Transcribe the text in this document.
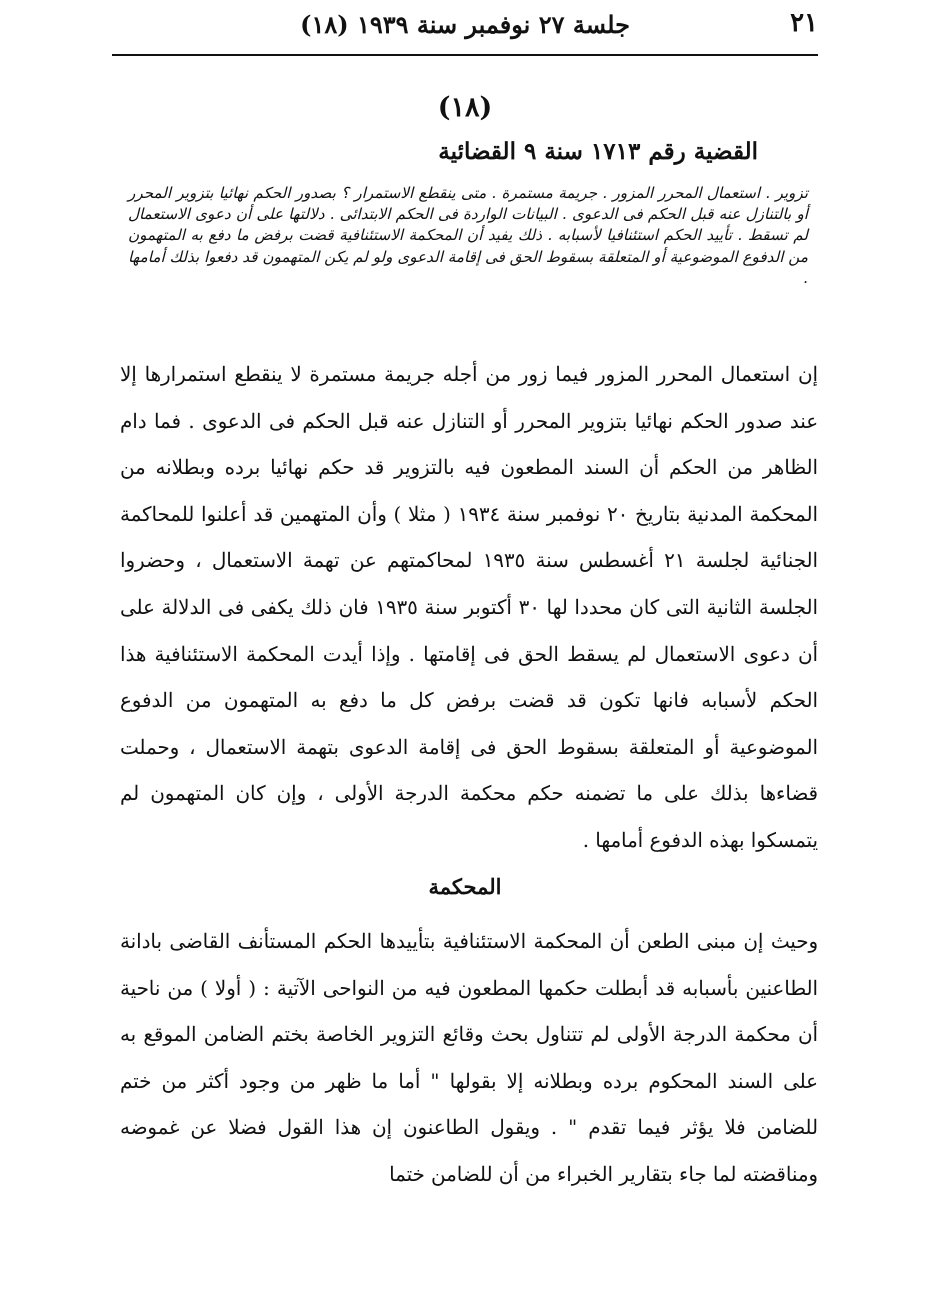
٢١
جلسة ٢٧ نوفمبر سنة ١٩٣٩ (١٨)
(١٨)
القضية رقم ١٧١٣ سنة ٩ القضائية

تزوير . استعمال المحرر المزور . جريمة مستمرة . متى ينقطع الاستمرار ؟ بصدور الحكم نهائيا بتزوير المحرر أو بالتنازل عنه قبل الحكم فى الدعوى . البيانات الواردة فى الحكم الابتدائى . دلالتها على أن دعوى الاستعمال لم تسقط . تأييد الحكم استئنافيا لأسبابه . ذلك يفيد أن المحكمة الاستئنافية قضت برفض ما دفع به المتهمون من الدفوع الموضوعية أو المتعلقة بسقوط الحق فى إقامة الدعوى ولو لم يكن المتهمون قد دفعوا بذلك أمامها .

إن استعمال المحرر المزور فيما زور من أجله جريمة مستمرة لا ينقطع استمرارها إلا عند صدور الحكم نهائيا بتزوير المحرر أو التنازل عنه قبل الحكم فى الدعوى . فما دام الظاهر من الحكم أن السند المطعون فيه بالتزوير قد حكم نهائيا برده وبطلانه من المحكمة المدنية بتاريخ ٢٠ نوفمبر سنة ١٩٣٤ ( مثلا ) وأن المتهمين قد أعلنوا للمحاكمة الجنائية لجلسة ٢١ أغسطس سنة ١٩٣٥ لمحاكمتهم عن تهمة الاستعمال ، وحضروا الجلسة الثانية التى كان محددا لها ٣٠ أكتوبر سنة ١٩٣٥ فان ذلك يكفى فى الدلالة على أن دعوى الاستعمال لم يسقط الحق فى إقامتها . وإذا أيدت المحكمة الاستئنافية هذا الحكم لأسبابه فانها تكون قد قضت برفض كل ما دفع به المتهمون من الدفوع الموضوعية أو المتعلقة بسقوط الحق فى إقامة الدعوى بتهمة الاستعمال ، وحملت قضاءها بذلك على ما تضمنه حكم محكمة الدرجة الأولى ، وإن كان المتهمون لم يتمسكوا بهذه الدفوع أمامها .

المحكمة

وحيث إن مبنى الطعن أن المحكمة الاستئنافية بتأييدها الحكم المستأنف القاضى بادانة الطاعنين بأسبابه قد أبطلت حكمها المطعون فيه من النواحى الآتية : ( أولا ) من ناحية أن محكمة الدرجة الأولى لم تتناول بحث وقائع التزوير الخاصة بختم الضامن الموقع به على السند المحكوم برده وبطلانه إلا بقولها " أما ما ظهر من وجود أكثر من ختم للضامن فلا يؤثر فيما تقدم " . ويقول الطاعنون إن هذا القول فضلا عن غموضه ومناقضته لما جاء بتقارير الخبراء من أن للضامن ختما
